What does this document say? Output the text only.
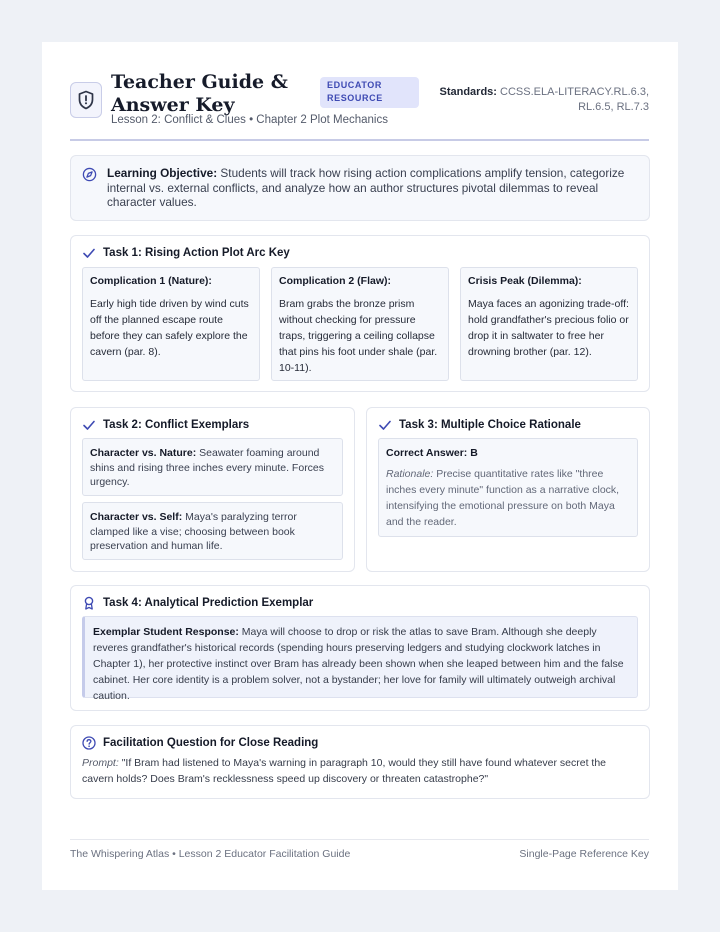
Teacher Guide & Answer Key
EDUCATOR RESOURCE
Lesson 2: Conflict & Clues • Chapter 2 Plot Mechanics
Standards: CCSS.ELA-LITERACY.RL.6.3, RL.6.5, RL.7.3
Learning Objective: Students will track how rising action complications amplify tension, categorize internal vs. external conflicts, and analyze how an author structures pivotal dilemmas to reveal character values.
Task 1: Rising Action Plot Arc Key
Complication 1 (Nature):
Early high tide driven by wind cuts off the planned escape route before they can safely explore the cavern (par. 8).
Complication 2 (Flaw):
Bram grabs the bronze prism without checking for pressure traps, triggering a ceiling collapse that pins his foot under shale (par. 10-11).
Crisis Peak (Dilemma):
Maya faces an agonizing trade-off: hold grandfather's precious folio or drop it in saltwater to free her drowning brother (par. 12).
Task 2: Conflict Exemplars
Character vs. Nature: Seawater foaming around shins and rising three inches every minute. Forces urgency.
Character vs. Self: Maya's paralyzing terror clamped like a vise; choosing between book preservation and human life.
Task 3: Multiple Choice Rationale
Correct Answer: B
Rationale: Precise quantitative rates like "three inches every minute" function as a narrative clock, intensifying the emotional pressure on both Maya and the reader.
Task 4: Analytical Prediction Exemplar
Exemplar Student Response: Maya will choose to drop or risk the atlas to save Bram. Although she deeply reveres grandfather's historical records (spending hours preserving ledgers and studying clockwork latches in Chapter 1), her protective instinct over Bram has already been shown when she leaped between him and the false cabinet. Her core identity is a problem solver, not a bystander; her love for family will ultimately outweigh archival caution.
Facilitation Question for Close Reading
Prompt: "If Bram had listened to Maya's warning in paragraph 10, would they still have found whatever secret the cavern holds? Does Bram's recklessness speed up discovery or threaten catastrophe?"
The Whispering Atlas • Lesson 2 Educator Facilitation Guide	Single-Page Reference Key
